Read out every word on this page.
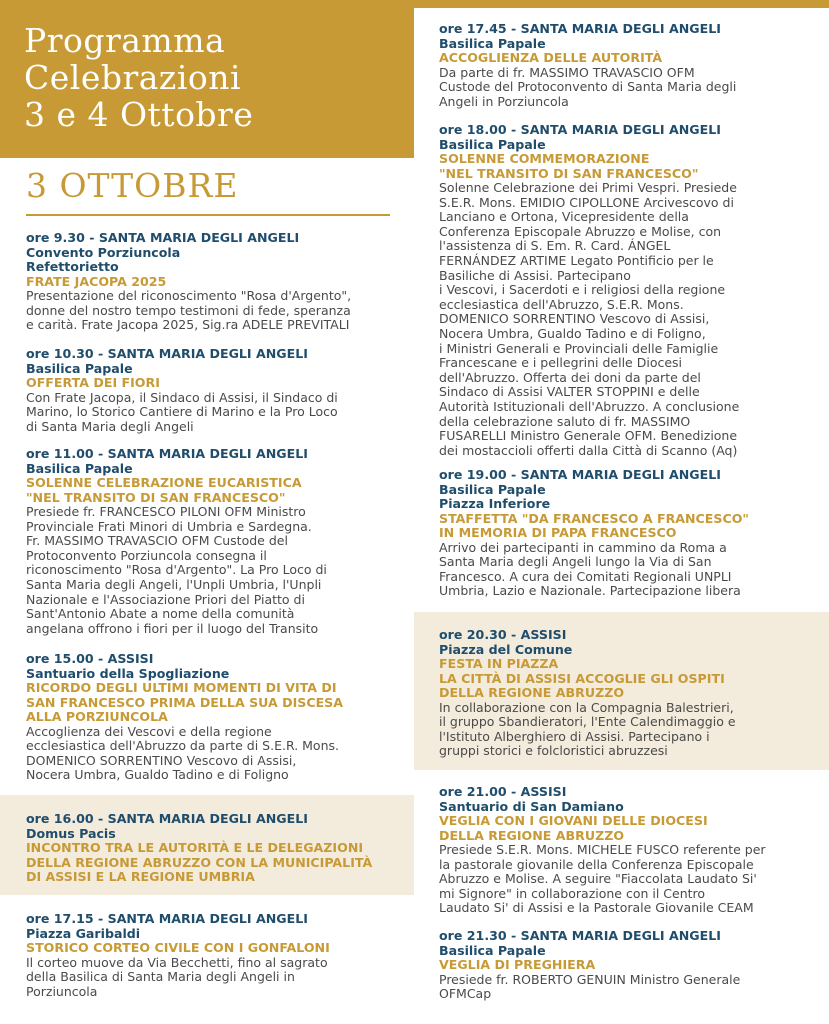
Programma
Celebrazioni
3 e 4 Ottobre
3 OTTOBRE
ore 9.30 - SANTA MARIA DEGLI ANGELI
Convento Porziuncola
Refettorietto
FRATE JACOPA 2025
Presentazione del riconoscimento "Rosa d'Argento",
donne del nostro tempo testimoni di fede, speranza
e carità. Frate Jacopa 2025, Sig.ra ADELE PREVITALI
ore 10.30 - SANTA MARIA DEGLI ANGELI
Basilica Papale
OFFERTA DEI FIORI
Con Frate Jacopa, il Sindaco di Assisi, il Sindaco di
Marino, lo Storico Cantiere di Marino e la Pro Loco
di Santa Maria degli Angeli
ore 11.00 - SANTA MARIA DEGLI ANGELI
Basilica Papale
SOLENNE CELEBRAZIONE EUCARISTICA
"NEL TRANSITO DI SAN FRANCESCO"
Presiede fr. FRANCESCO PILONI OFM Ministro
Provinciale Frati Minori di Umbria e Sardegna.
Fr. MASSIMO TRAVASCIO OFM Custode del
Protoconvento Porziuncola consegna il
riconoscimento "Rosa d'Argento". La Pro Loco di
Santa Maria degli Angeli, l'Unpli Umbria, l'Unpli
Nazionale e l'Associazione Priori del Piatto di
Sant'Antonio Abate a nome della comunità
angelana offrono i fiori per il luogo del Transito
ore 15.00 - ASSISI
Santuario della Spogliazione
RICORDO DEGLI ULTIMI MOMENTI DI VITA DI
SAN FRANCESCO PRIMA DELLA SUA DISCESA
ALLA PORZIUNCOLA
Accoglienza dei Vescovi e della regione
ecclesiastica dell'Abruzzo da parte di S.E.R. Mons.
DOMENICO SORRENTINO Vescovo di Assisi,
Nocera Umbra, Gualdo Tadino e di Foligno
ore 16.00 - SANTA MARIA DEGLI ANGELI
Domus Pacis
INCONTRO TRA LE AUTORITÀ E LE DELEGAZIONI
DELLA REGIONE ABRUZZO CON LA MUNICIPALITÀ
DI ASSISI E LA REGIONE UMBRIA
ore 17.15 - SANTA MARIA DEGLI ANGELI
Piazza Garibaldi
STORICO CORTEO CIVILE CON I GONFALONI
Il corteo muove da Via Becchetti, fino al sagrato
della Basilica di Santa Maria degli Angeli in
Porziuncola
ore 17.45 - SANTA MARIA DEGLI ANGELI
Basilica Papale
ACCOGLIENZA DELLE AUTORITÀ
Da parte di fr. MASSIMO TRAVASCIO OFM
Custode del Protoconvento di Santa Maria degli
Angeli in Porziuncola
ore 18.00 - SANTA MARIA DEGLI ANGELI
Basilica Papale
SOLENNE COMMEMORAZIONE
"NEL TRANSITO DI SAN FRANCESCO"
Solenne Celebrazione dei Primi Vespri. Presiede
S.E.R. Mons. EMIDIO CIPOLLONE Arcivescovo di
Lanciano e Ortona, Vicepresidente della
Conferenza Episcopale Abruzzo e Molise, con
l'assistenza di S. Em. R. Card. ÁNGEL
FERNÁNDEZ ARTIME Legato Pontificio per le
Basiliche di Assisi. Partecipano
i Vescovi, i Sacerdoti e i religiosi della regione
ecclesiastica dell'Abruzzo, S.E.R. Mons.
DOMENICO SORRENTINO Vescovo di Assisi,
Nocera Umbra, Gualdo Tadino e di Foligno,
i Ministri Generali e Provinciali delle Famiglie
Francescane e i pellegrini delle Diocesi
dell'Abruzzo. Offerta dei doni da parte del
Sindaco di Assisi VALTER STOPPINI e delle
Autorità Istituzionali dell'Abruzzo. A conclusione
della celebrazione saluto di fr. MASSIMO
FUSARELLI Ministro Generale OFM. Benedizione
dei mostaccioli offerti dalla Città di Scanno (Aq)
ore 19.00 - SANTA MARIA DEGLI ANGELI
Basilica Papale
Piazza Inferiore
STAFFETTA "DA FRANCESCO A FRANCESCO"
IN MEMORIA DI PAPA FRANCESCO
Arrivo dei partecipanti in cammino da Roma a
Santa Maria degli Angeli lungo la Via di San
Francesco. A cura dei Comitati Regionali UNPLI
Umbria, Lazio e Nazionale. Partecipazione libera
ore 20.30 - ASSISI
Piazza del Comune
FESTA IN PIAZZA
LA CITTÀ DI ASSISI ACCOGLIE GLI OSPITI
DELLA REGIONE ABRUZZO
In collaborazione con la Compagnia Balestrieri,
il gruppo Sbandieratori, l'Ente Calendimaggio e
l'Istituto Alberghiero di Assisi. Partecipano i
gruppi storici e folcloristici abruzzesi
ore 21.00 - ASSISI
Santuario di San Damiano
VEGLIA CON I GIOVANI DELLE DIOCESI
DELLA REGIONE ABRUZZO
Presiede S.E.R. Mons. MICHELE FUSCO referente per
la pastorale giovanile della Conferenza Episcopale
Abruzzo e Molise. A seguire "Fiaccolata Laudato Si'
mi Signore" in collaborazione con il Centro
Laudato Si' di Assisi e la Pastorale Giovanile CEAM
ore 21.30 - SANTA MARIA DEGLI ANGELI
Basilica Papale
VEGLIA DI PREGHIERA
Presiede fr. ROBERTO GENUIN Ministro Generale
OFMCap
